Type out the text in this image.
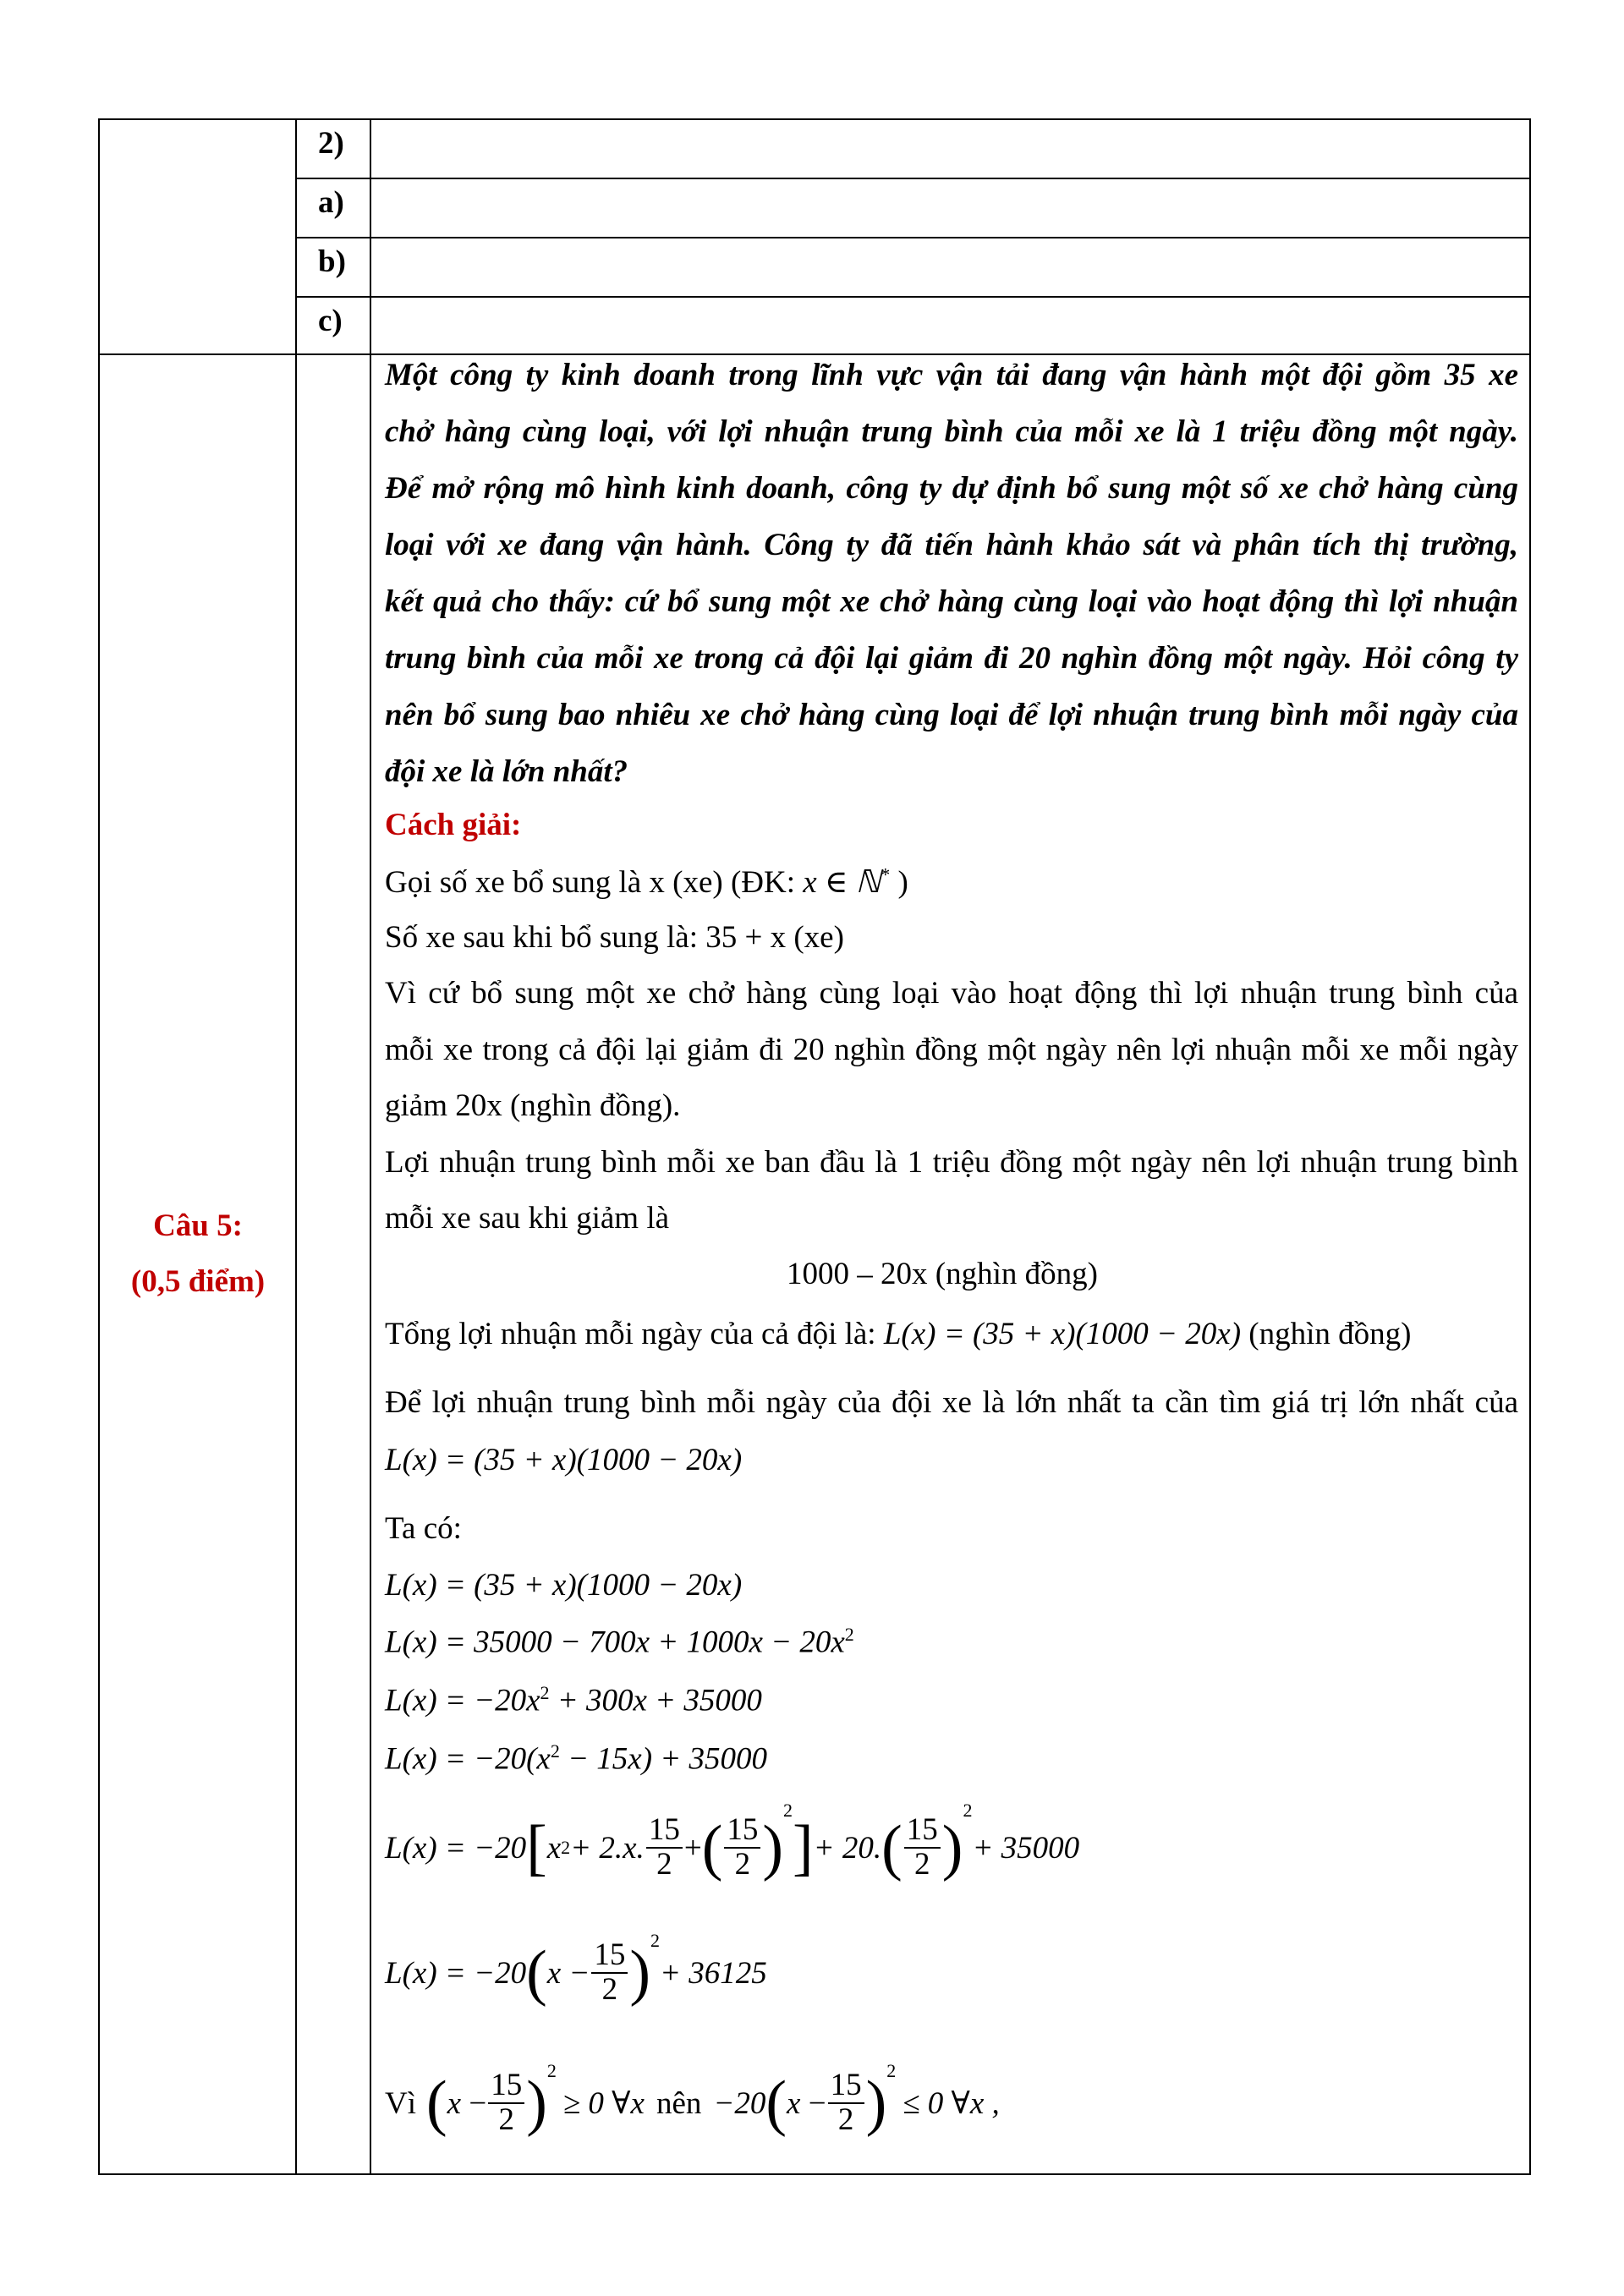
2)
a)
b)
c)
Câu 5:
(0,5 điểm)
Một công ty kinh doanh trong lĩnh vực vận tải đang vận hành một đội gồm 35 xe
chở hàng cùng loại, với lợi nhuận trung bình của mỗi xe là 1 triệu đồng một ngày.
Để mở rộng mô hình kinh doanh, công ty dự định bổ sung một số xe chở hàng cùng
loại với xe đang vận hành. Công ty đã tiến hành khảo sát và phân tích thị trường,
kết quả cho thấy: cứ bổ sung một xe chở hàng cùng loại vào hoạt động thì lợi nhuận
trung bình của mỗi xe trong cả đội lại giảm đi 20 nghìn đồng một ngày. Hỏi công ty
nên bổ sung bao nhiêu xe chở hàng cùng loại để lợi nhuận trung bình mỗi ngày của
đội xe là lớn nhất?
Cách giải:
Gọi số xe bổ sung là x (xe) (ĐK: x ∈ ℕ* )
Số xe sau khi bổ sung là: 35 + x (xe)
Vì cứ bổ sung một xe chở hàng cùng loại vào hoạt động thì lợi nhuận trung bình của
mỗi xe trong cả đội lại giảm đi 20 nghìn đồng một ngày nên lợi nhuận mỗi xe mỗi ngày
giảm 20x (nghìn đồng).
Lợi nhuận trung bình mỗi xe ban đầu là 1 triệu đồng một ngày nên lợi nhuận trung bình
mỗi xe sau khi giảm là
1000 – 20x (nghìn đồng)
Tổng lợi nhuận mỗi ngày của cả đội là: L(x) = (35 + x)(1000 − 20x) (nghìn đồng)
Để lợi nhuận trung bình mỗi ngày của đội xe là lớn nhất ta cần tìm giá trị lớn nhất của
L(x) = (35 + x)(1000 − 20x)
Ta có:
L(x) = (35 + x)(1000 − 20x)
$L(x) = 35000 - 700x + 1000x - 20x^2$
$L(x) = -20x^2 + 300x + 35000$
$L(x) = -20(x^2 - 15x) + 35000$
L(x) = −20 [ x 2 + 2.x. $\frac{15}{2}$ + ( $\frac{15}{2}$ )
$^2$
] + 20. ( $\frac{15}{2}$ )
$^2$
+ 35000
L(x) = −20 ( $x - \frac{15}{2} )^2$
+ 36125
Vì ( $x - \frac{15}{2} )^2$
≥ 0 ∀x nên −20 ( $x - \frac{15}{2} )^2$
≤ 0 ∀x ,
